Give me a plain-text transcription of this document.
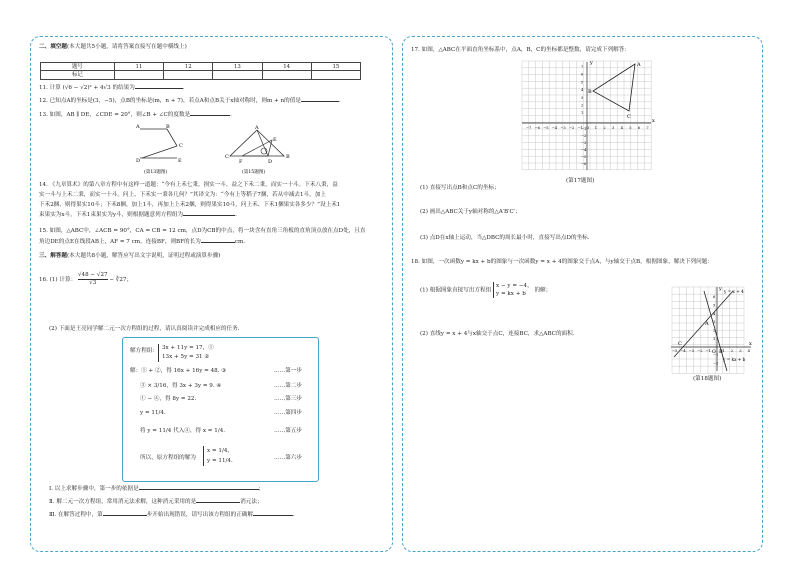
二、填空题(本大题共5小题，请将答案直接写在题中横线上)
题号	11	12	13	14	15
标记					
11. 计算 (√6 − √2)² + 4√3 的结果为	.
12. 已知点A的坐标是(3，−5)，点B的坐标是(m，n + 7)，若点A和点B关于x轴对称时，则m + n的值是	.
13. 如图，AB ∥ DE，∠CDE = 20°，则∠B + ∠C的度数是	.
A	B
C
D	E
(第13题图)
A
B
C
D
E
F
(第15题图)
14. 《九章算术》的第八章方程中有这样一道题：“今有上禾七秉，损实一斗，益之下禾二秉，而实一十斗。下禾八秉，益
实一斗与上禾二秉，而实一十斗。问上、下禾实一秉各几何？”其译文为：“今有上等稻子7捆，若从中减去1斗，加上
下禾2捆，则得果实10斗；下禾8捆，加上1斗，再加上上禾2捆，则得果实10斗，问上禾、下禾1捆果实各多少？”设上禾1
束果实为x斗，下禾1束果实为y斗，则根据题意列方程组为	.
15. 如图，△ABC中，∠ACB = 90°，CA = CB = 12 cm，点D为CB的中点，将一块含有直角三角板的直角顶点放在点D处，且直
角边DE的点E在线段AB上，AF = 7 cm，连接BF，则BF的长为	cm.
三、解答题(本大题共8小题，解答应写出文字说明，证明过程或演算步骤)
16. (1) 计算： $\frac{√48 - √27}{√3}$ − ∛27；
(2) 下面是王亮同学解二元一次方程组的过程，请认真阅读并完成相应的任务.
解方程组： 3x + 11y = 17，①
13x + 5y = 31 ②
解：① + ②，得 16x + 16y = 48. ③	……第一步
③ × 3/16，得 3x + 3y = 9. ④	……第二步
① − ④，得 8y = 22.	……第三步
y = 11/4.	……第四步
将 y = 11/4 代入④，得 x = 1/4.	……第五步
所以，原方程组的解为
x = 1/4，
y = 11/4.	……第六步
Ⅰ. 以上求解步骤中，第一步的依据是	;
Ⅱ. 解二元一次方程组，常用消元法求解，这种消元采用的是	消元法；
Ⅲ. 在解答过程中，第	步开始出现错误，请写出该方程组的正确解	.
17. 如图，△ABC在平面直角坐标系中，点A，B，C的坐标都是整数，请完成下列解答：
A
B
C
y
x
−7 −6 −5 −4 −3 −2 −1 O 1 2 3 4 5 6 7
7
6
5
4
3
2
1
−1
−2
−3
−4
−5
−6
(第17题图)
(1) 直接写出点B和点C的坐标；
(2) 画出△ABC关于y轴对称的△A′B′C′；
(3) 点D在x轴上运动，当△DBC的周长最小时，直接写出点D的坐标.
18. 如图，一次函数y = kx + b的图象与一次函数y = x + 4的图象交于点A，与y轴交于点B，根据图象，解决下列问题：
(1) 根据图象直接写出方程组
x − y = −4，
y = kx + b
的解；
(2) 直线y = x + 4与x轴交于点C，连接BC，求△ABC的面积.
y = x + 4
y = kx + b
A
B
C
O
y
x
−5 −4 −3 −2 −1	1 2 3 4
6
5
4
3
2
1
−1
−2
(第18题图)
